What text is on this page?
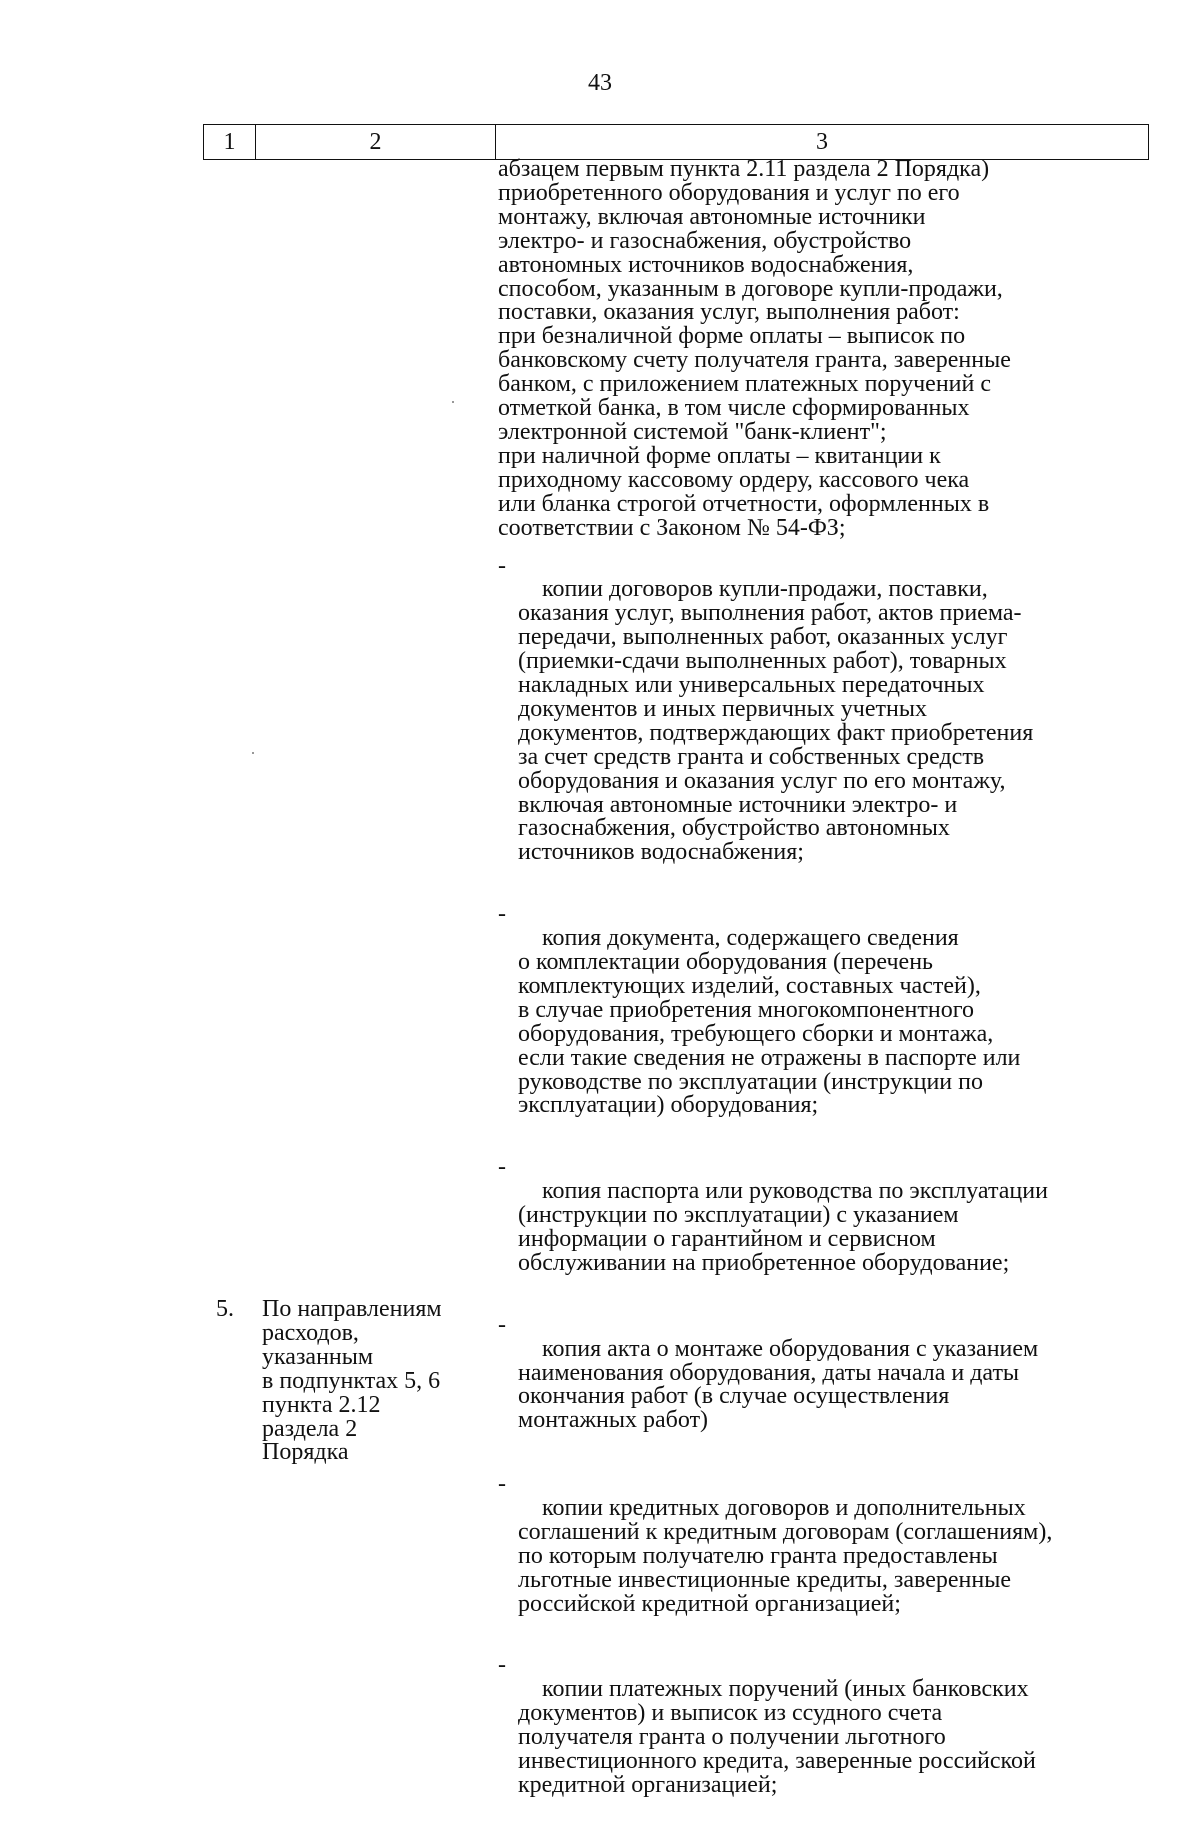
43
1	2	3
абзацем первым пункта 2.11 раздела 2 Порядка)
приобретенного оборудования и услуг по его
монтажу, включая автономные источники
электро- и газоснабжения, обустройство
автономных источников водоснабжения,
способом, указанным в договоре купли-продажи,
поставки, оказания услуг, выполнения работ:
при безналичной форме оплаты – выписок по
банковскому счету получателя гранта, заверенные
банком, с приложением платежных поручений с
отметкой банка, в том числе сформированных
электронной системой "банк-клиент";
при наличной форме оплаты – квитанции к
приходному кассовому ордеру, кассового чека
или бланка строгой отчетности, оформленных в
соответствии с Законом № 54-ФЗ;

-
копии договоров купли-продажи, поставки,
оказания услуг, выполнения работ, актов приема-
передачи, выполненных работ, оказанных услуг
(приемки-сдачи выполненных работ), товарных
накладных или универсальных передаточных
документов и иных первичных учетных
документов, подтверждающих факт приобретения
за счет средств гранта и собственных средств
оборудования и оказания услуг по его монтажу,
включая автономные источники электро- и
газоснабжения, обустройство автономных
источников водоснабжения;

-
копия документа, содержащего сведения
о комплектации оборудования (перечень
комплектующих изделий, составных частей),
в случае приобретения многокомпонентного
оборудования, требующего сборки и монтажа,
если такие сведения не отражены в паспорте или
руководстве по эксплуатации (инструкции по
эксплуатации) оборудования;

-
копия паспорта или руководства по эксплуатации
(инструкции по эксплуатации) с указанием
информации о гарантийном и сервисном
обслуживании на приобретенное оборудование;

-
копия акта о монтаже оборудования с указанием
наименования оборудования, даты начала и даты
окончания работ (в случае осуществления
монтажных работ)

-
копии кредитных договоров и дополнительных
соглашений к кредитным договорам (соглашениям),
по которым получателю гранта предоставлены
льготные инвестиционные кредиты, заверенные
российской кредитной организацией;

-
копии платежных поручений (иных банковских
документов) и выписок из ссудного счета
получателя гранта о получении льготного
инвестиционного кредита, заверенные российской
кредитной организацией;

5. По направлениям
расходов,
указанным
в подпунктах 5, 6
пункта 2.12
раздела 2
Порядка
